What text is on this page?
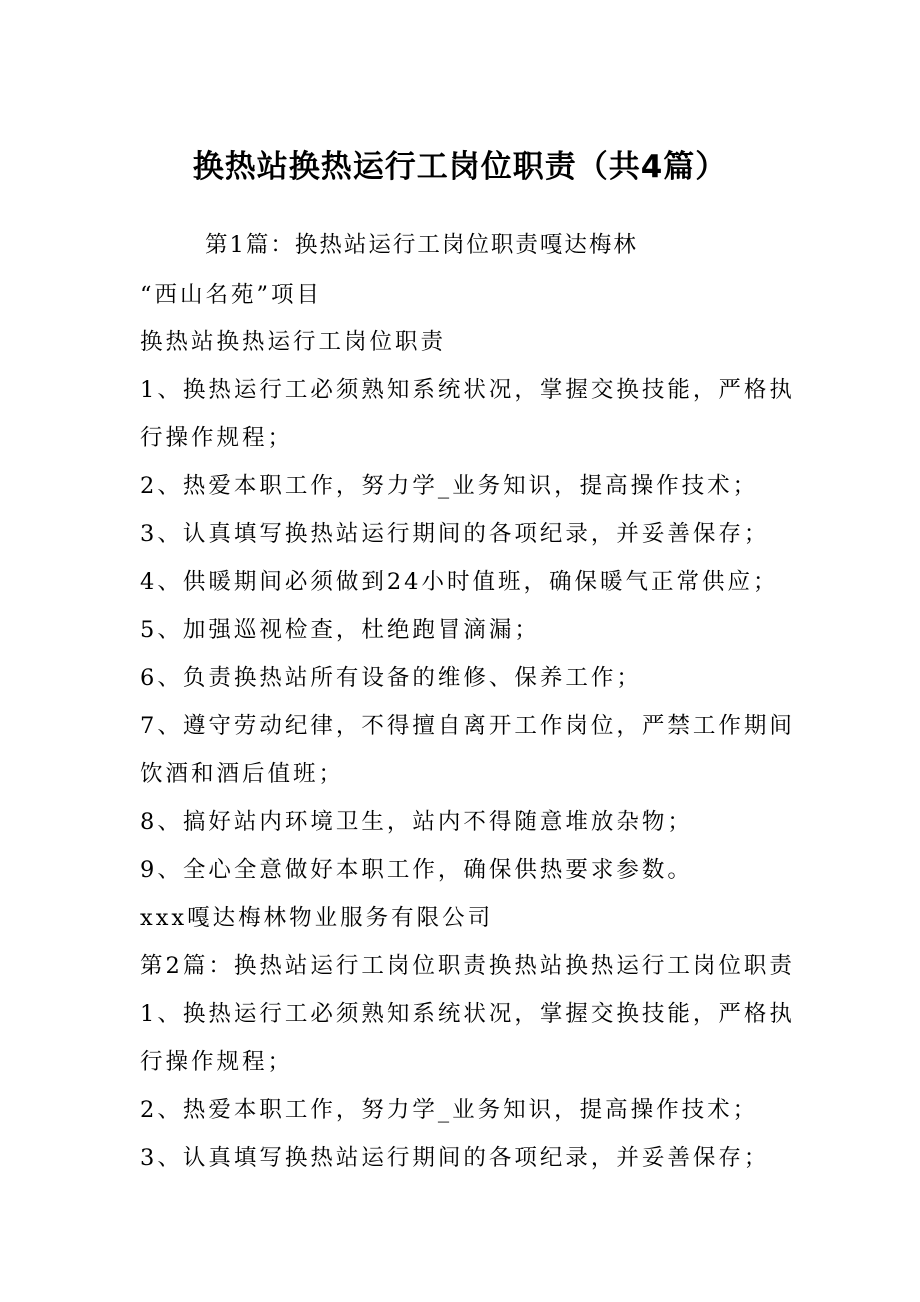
换热站换热运行工岗位职责（共4篇）
第1篇：换热站运行工岗位职责嘎达梅林
“西山名苑”项目
换热站换热运行工岗位职责
1、换热运行工必须熟知系统状况，掌握交换技能，严格执
行操作规程；
2、热爱本职工作，努力学_业务知识，提高操作技术；
3、认真填写换热站运行期间的各项纪录，并妥善保存；
4、供暖期间必须做到24小时值班，确保暖气正常供应；
5、加强巡视检查，杜绝跑冒滴漏；
6、负责换热站所有设备的维修、保养工作；
7、遵守劳动纪律，不得擅自离开工作岗位，严禁工作期间
饮酒和酒后值班；
8、搞好站内环境卫生，站内不得随意堆放杂物；
9、全心全意做好本职工作，确保供热要求参数。
xxx嘎达梅林物业服务有限公司
第2篇：换热站运行工岗位职责换热站换热运行工岗位职责
1、换热运行工必须熟知系统状况，掌握交换技能，严格执
行操作规程；
2、热爱本职工作，努力学_业务知识，提高操作技术；
3、认真填写换热站运行期间的各项纪录，并妥善保存；
